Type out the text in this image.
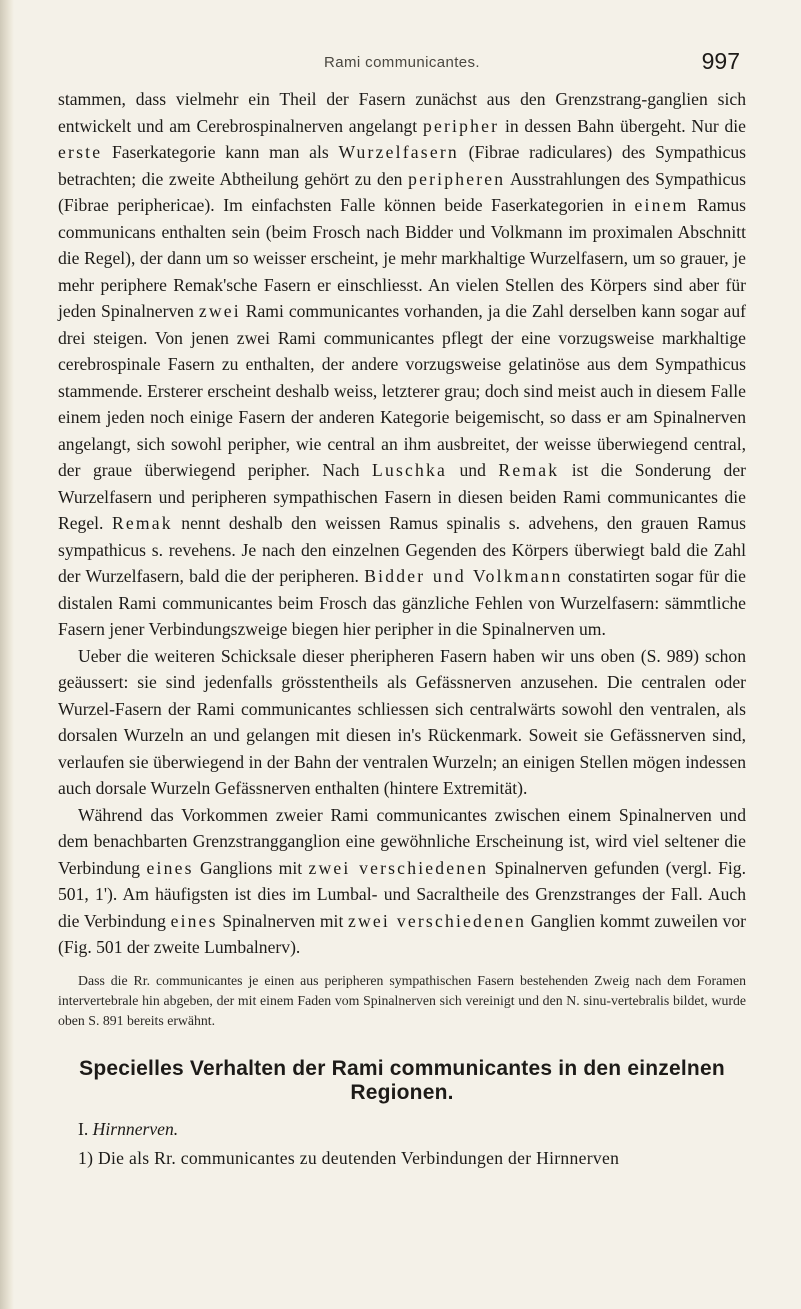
Rami communicantes.	997

stammen, dass vielmehr ein Theil der Fasern zunächst aus den Grenzstrang-ganglien sich entwickelt und am Cerebrospinalnerven angelangt peripher in dessen Bahn übergeht. Nur die erste Faserkategorie kann man als Wurzelfasern (Fibrae radiculares) des Sympathicus betrachten; die zweite Abtheilung gehört zu den peripheren Ausstrahlungen des Sympathicus (Fibrae periphericae). Im einfachsten Falle können beide Faserkategorien in einem Ramus communicans enthalten sein (beim Frosch nach Bidder und Volkmann im proximalen Abschnitt die Regel), der dann um so weisser erscheint, je mehr markhaltige Wurzelfasern, um so grauer, je mehr periphere Remak'sche Fasern er einschliesst. An vielen Stellen des Körpers sind aber für jeden Spinalnerven zwei Rami communicantes vorhanden, ja die Zahl derselben kann sogar auf drei steigen. Von jenen zwei Rami communicantes pflegt der eine vorzugsweise markhaltige cerebrospinale Fasern zu enthalten, der andere vorzugsweise gelatinöse aus dem Sympathicus stammende. Ersterer erscheint deshalb weiss, letzterer grau; doch sind meist auch in diesem Falle einem jeden noch einige Fasern der anderen Kategorie beigemischt, so dass er am Spinalnerven angelangt, sich sowohl peripher, wie central an ihm ausbreitet, der weisse überwiegend central, der graue überwiegend peripher. Nach Luschka und Remak ist die Sonderung der Wurzelfasern und peripheren sympathischen Fasern in diesen beiden Rami communicantes die Regel. Remak nennt deshalb den weissen Ramus spinalis s. advehens, den grauen Ramus sympathicus s. revehens. Je nach den einzelnen Gegenden des Körpers überwiegt bald die Zahl der Wurzelfasern, bald die der peripheren. Bidder und Volkmann constatirten sogar für die distalen Rami communicantes beim Frosch das gänzliche Fehlen von Wurzelfasern: sämmtliche Fasern jener Verbindungszweige biegen hier peripher in die Spinalnerven um.

Ueber die weiteren Schicksale dieser pheripheren Fasern haben wir uns oben (S. 989) schon geäussert: sie sind jedenfalls grösstentheils als Gefässnerven anzusehen. Die centralen oder Wurzel-Fasern der Rami communicantes schliessen sich centralwärts sowohl den ventralen, als dorsalen Wurzeln an und gelangen mit diesen in's Rückenmark. Soweit sie Gefässnerven sind, verlaufen sie überwiegend in der Bahn der ventralen Wurzeln; an einigen Stellen mögen indessen auch dorsale Wurzeln Gefässnerven enthalten (hintere Extremität).

Während das Vorkommen zweier Rami communicantes zwischen einem Spinalnerven und dem benachbarten Grenzstrangganglion eine gewöhnliche Erscheinung ist, wird viel seltener die Verbindung eines Ganglions mit zwei verschiedenen Spinalnerven gefunden (vergl. Fig. 501, 1'). Am häufigsten ist dies im Lumbal- und Sacraltheile des Grenzstranges der Fall. Auch die Verbindung eines Spinalnerven mit zwei verschiedenen Ganglien kommt zuweilen vor (Fig. 501 der zweite Lumbalnerv).

Dass die Rr. communicantes je einen aus peripheren sympathischen Fasern bestehenden Zweig nach dem Foramen intervertebrale hin abgeben, der mit einem Faden vom Spinalnerven sich vereinigt und den N. sinu-vertebralis bildet, wurde oben S. 891 bereits erwähnt.

Specielles Verhalten der Rami communicantes in den einzelnen Regionen.
I. Hirnnerven.
1) Die als Rr. communicantes zu deutenden Verbindungen der Hirnnerven
